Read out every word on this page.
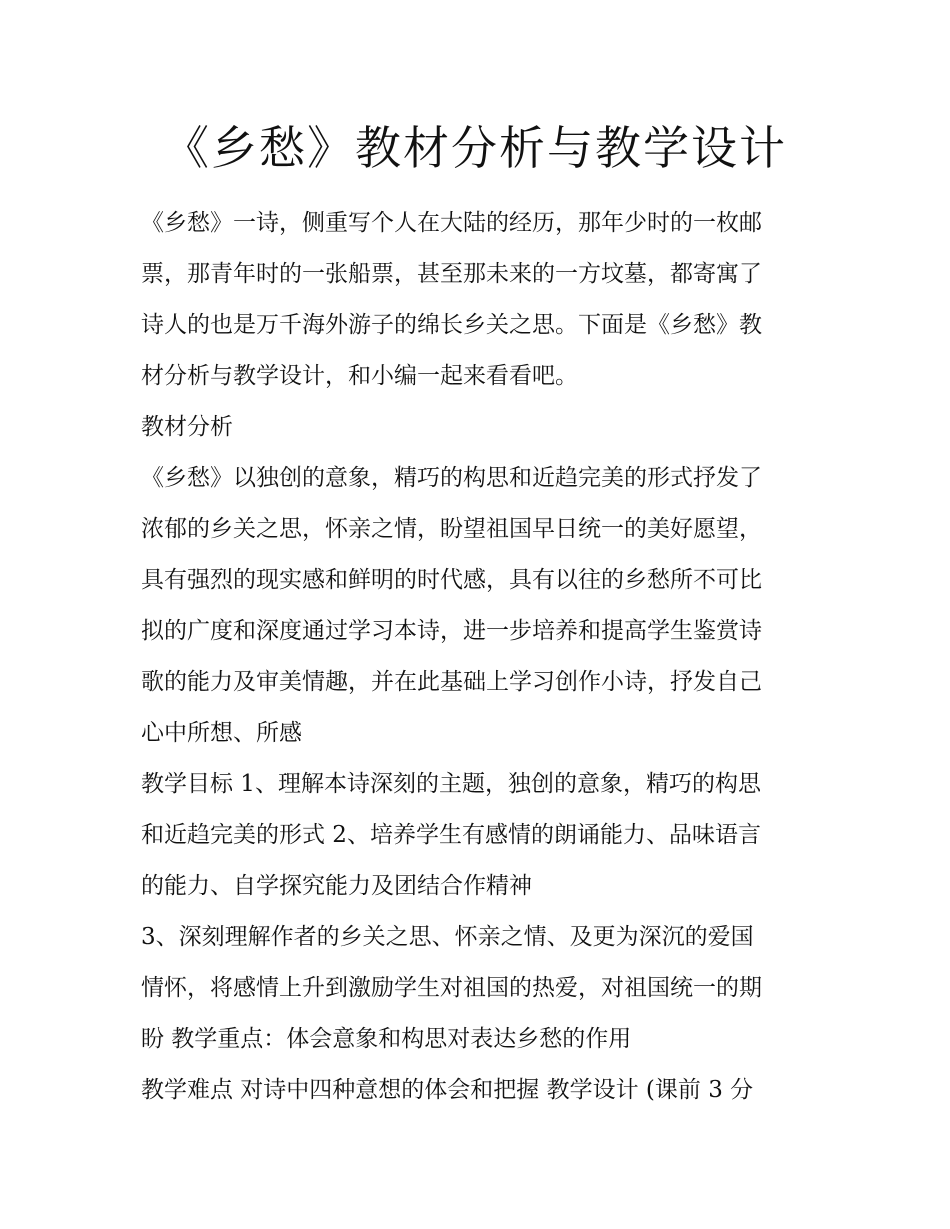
《乡愁》教材分析与教学设计
《乡愁》一诗，侧重写个人在大陆的经历，那年少时的一枚邮
票，那青年时的一张船票，甚至那未来的一方坟墓，都寄寓了
诗人的也是万千海外游子的绵长乡关之思。下面是《乡愁》教
材分析与教学设计，和小编一起来看看吧。
教材分析
《乡愁》以独创的意象，精巧的构思和近趋完美的形式抒发了
浓郁的乡关之思，怀亲之情，盼望祖国早日统一的美好愿望，
具有强烈的现实感和鲜明的时代感，具有以往的乡愁所不可比
拟的广度和深度通过学习本诗，进一步培养和提高学生鉴赏诗
歌的能力及审美情趣，并在此基础上学习创作小诗，抒发自己
心中所想、所感
教学目标 1、理解本诗深刻的主题，独创的意象，精巧的构思
和近趋完美的形式 2、培养学生有感情的朗诵能力、品味语言
的能力、自学探究能力及团结合作精神
3、深刻理解作者的乡关之思、怀亲之情、及更为深沉的爱国
情怀，将感情上升到激励学生对祖国的热爱，对祖国统一的期
盼 教学重点：体会意象和构思对表达乡愁的作用
教学难点 对诗中四种意想的体会和把握 教学设计 (课前 3 分
